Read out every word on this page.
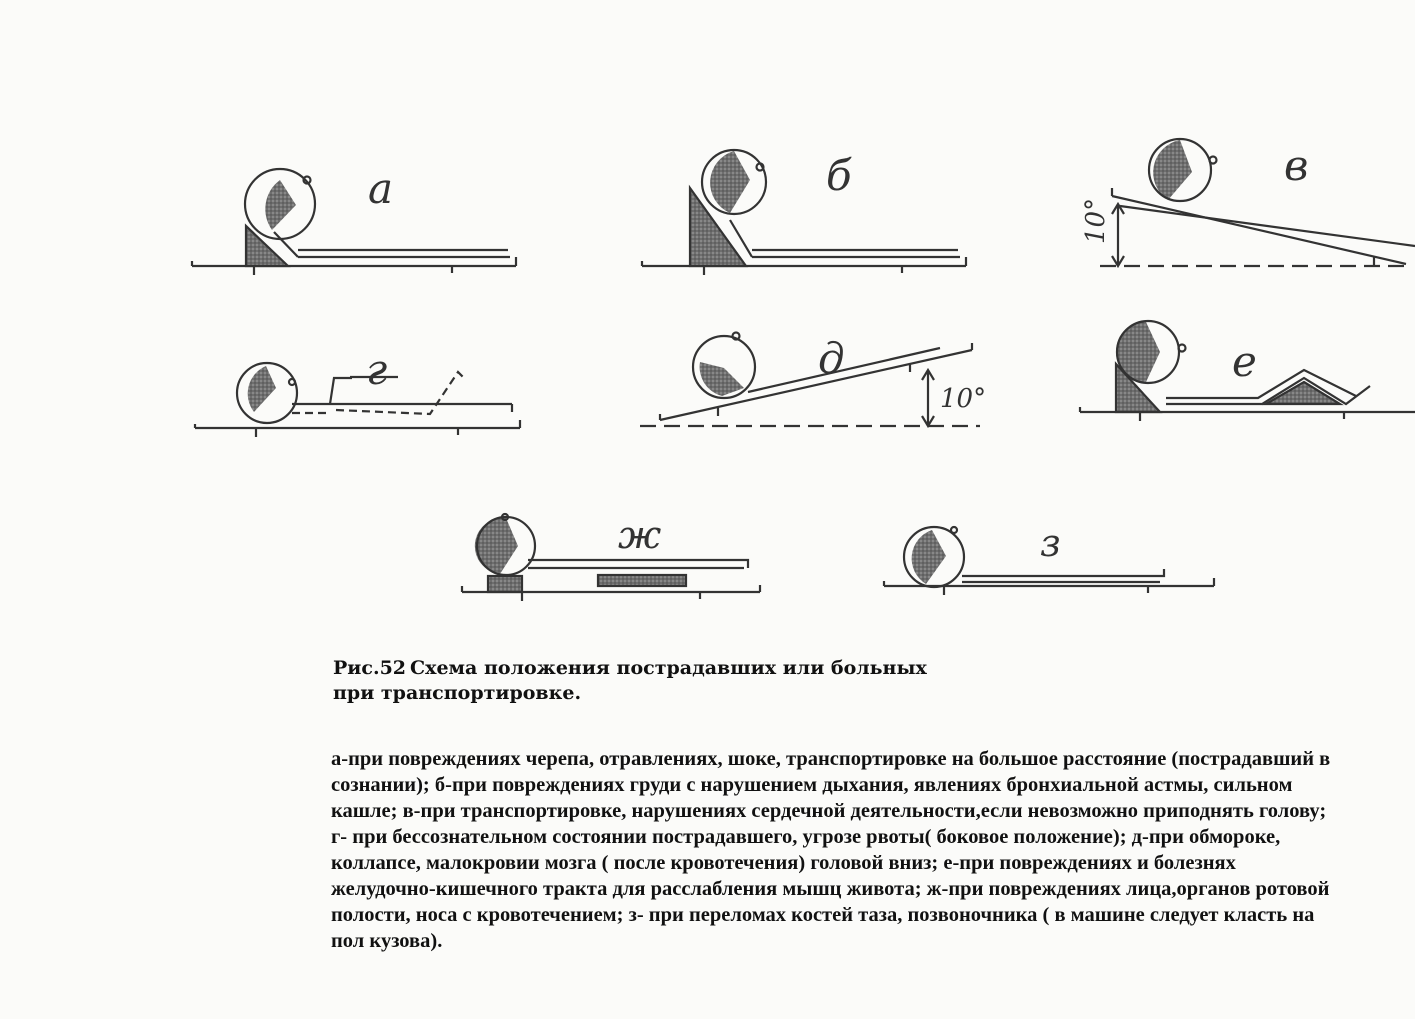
а	б
10°
в
г
10°
д	е
ж	з
Рис.52 Схема положения пострадавших или больных
при транспортировке.

а-при повреждениях черепа, отравлениях, шоке, транспортировке на большое расстояние (пострадавший в сознании); б-при повреждениях груди с нарушением дыхания, явлениях бронхиальной астмы, сильном кашле; в-при транспортировке, нарушениях сердечной деятельности,если невозможно приподнять голову; г- при бессознательном состоянии пострадавшего, угрозе рвоты( боковое положение); д-при обмороке, коллапсе, малокровии мозга ( после кровотечения) головой вниз; е-при повреждениях и болезнях желудочно-кишечного тракта для расслабления мышц живота; ж-при повреждениях лица,органов ротовой полости, носа с кровотечением; з- при переломах костей таза, позвоночника ( в машине следует класть на пол кузова).
